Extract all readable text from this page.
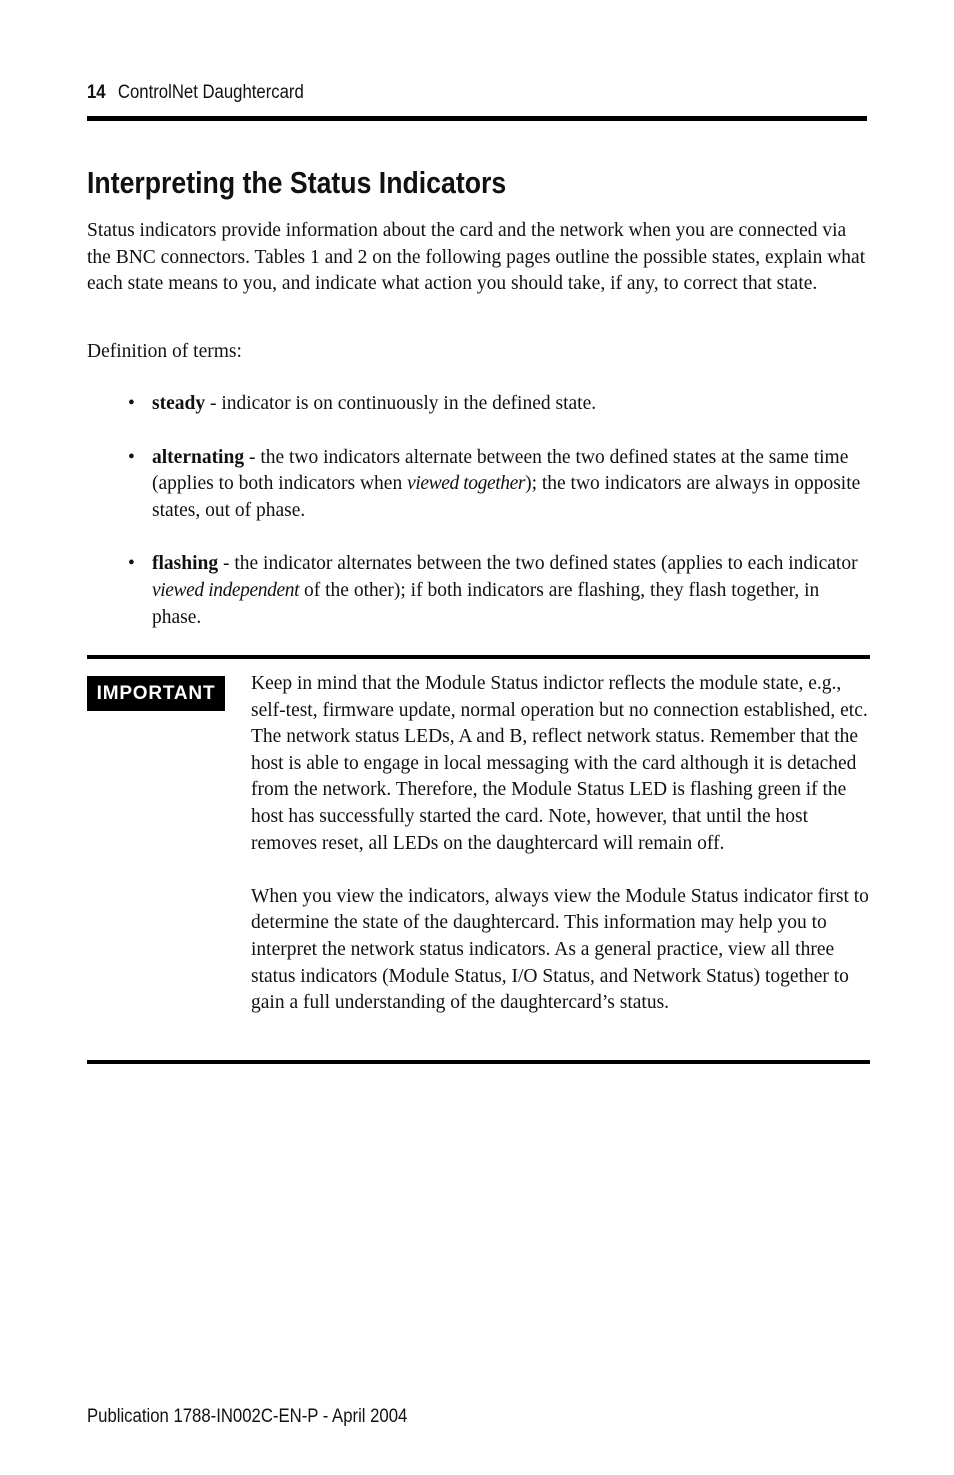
14 ControlNet Daughtercard
Interpreting the Status Indicators

Status indicators provide information about the card and the network when you are connected via the BNC connectors. Tables 1 and 2 on the following pages outline the possible states, explain what each state means to you, and indicate what action you should take, if any, to correct that state.

Definition of terms:

• steady - indicator is on continuously in the defined state.
• alternating - the two indicators alternate between the two defined states at the same time (applies to both indicators when viewed together); the two indicators are always in opposite states, out of phase.
• flashing - the indicator alternates between the two defined states (applies to each indicator viewed independent of the other); if both indicators are flashing, they flash together, in phase.
IMPORTANT	Keep in mind that the Module Status indictor reflects the module state, e.g., self-test, firmware update, normal operation but no connection established, etc. The network status LEDs, A and B, reflect network status. Remember that the host is able to engage in local messaging with the card although it is detached from the network. Therefore, the Module Status LED is flashing green if the host has successfully started the card. Note, however, that until the host removes reset, all LEDs on the daughtercard will remain off.

When you view the indicators, always view the Module Status indicator first to determine the state of the daughtercard. This information may help you to interpret the network status indicators. As a general practice, view all three status indicators (Module Status, I/O Status, and Network Status) together to gain a full understanding of the daughtercard’s status.

Publication 1788-IN002C-EN-P - April 2004
